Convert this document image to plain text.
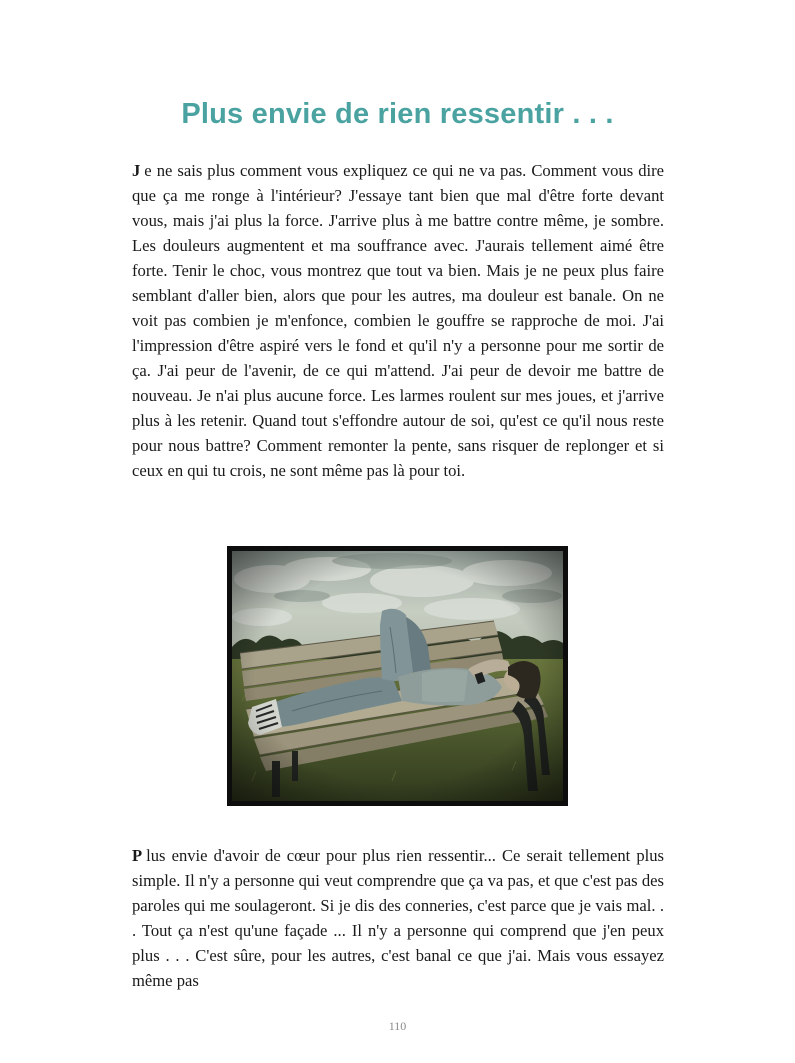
Plus envie de rien ressentir . . .

J e ne sais plus comment vous expliquez ce qui ne va pas. Comment vous dire que ça me ronge à l'intérieur? J'essaye tant bien que mal d'être forte devant vous, mais j'ai plus la force. J'arrive plus à me battre contre même, je sombre. Les douleurs augmentent et ma souffrance avec. J'aurais tellement aimé être forte. Tenir le choc, vous montrez que tout va bien. Mais je ne peux plus faire semblant d'aller bien, alors que pour les autres, ma douleur est banale. On ne voit pas combien je m'enfonce, combien le gouffre se rapproche de moi. J'ai l'impression d'être aspiré vers le fond et qu'il n'y a personne pour me sortir de ça. J'ai peur de l'avenir, de ce qui m'attend. J'ai peur de devoir me battre de nouveau. Je n'ai plus aucune force. Les larmes roulent sur mes joues, et j'arrive plus à les retenir. Quand tout s'effondre autour de soi, qu'est ce qu'il nous reste pour nous battre? Comment remonter la pente, sans risquer de replonger et si ceux en qui tu crois, ne sont même pas là pour toi.

P lus envie d'avoir de cœur pour plus rien ressentir... Ce serait tellement plus simple. Il n'y a personne qui veut comprendre que ça va pas, et que c'est pas des paroles qui me soulageront. Si je dis des conneries, c'est parce que je vais mal. . . Tout ça n'est qu'une façade ... Il n'y a personne qui comprend que j'en peux plus . . . C'est sûre, pour les autres, c'est banal ce que j'ai. Mais vous essayez même pas

110
